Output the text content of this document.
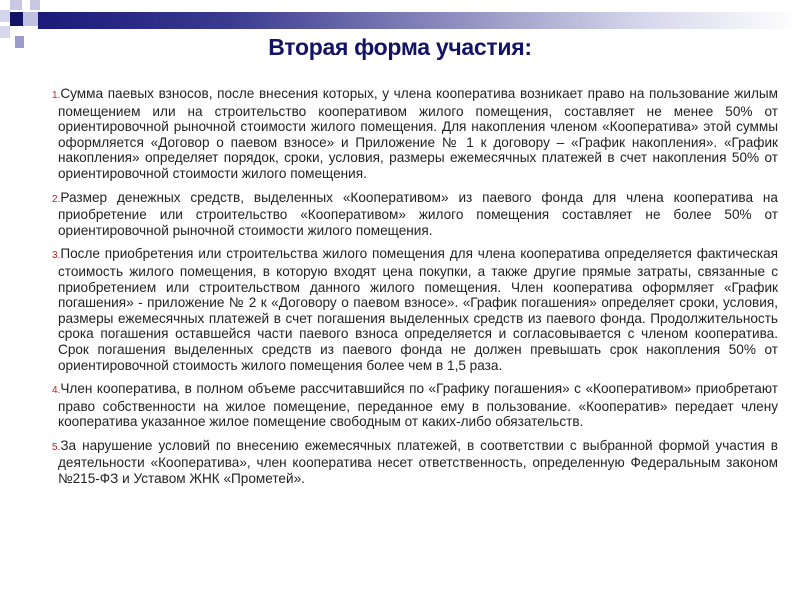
Вторая форма участия:

1.Сумма паевых взносов, после внесения которых, у члена кооператива возникает право на пользование жилым помещением или на строительство кооперативом жилого помещения, составляет не менее 50% от ориентировочной рыночной стоимости жилого помещения. Для накопления членом «Кооператива» этой суммы оформляется «Договор о паевом взносе» и Приложение № 1 к договору – «График накопления». «График накопления» определяет порядок, сроки, условия, размеры ежемесячных платежей в счет накопления 50% от ориентировочной стоимости жилого помещения.

2.Размер денежных средств, выделенных «Кооперативом» из паевого фонда для члена кооператива на приобретение или строительство «Кооперативом» жилого помещения составляет не более 50% от ориентировочной рыночной стоимости жилого помещения.

3.После приобретения или строительства жилого помещения для члена кооператива определяется фактическая стоимость жилого помещения, в которую входят цена покупки, а также другие прямые затраты, связанные с приобретением или строительством данного жилого помещения. Член кооператива оформляет «График погашения» - приложение № 2 к «Договору о паевом взносе». «График погашения» определяет сроки, условия, размеры ежемесячных платежей в счет погашения выделенных средств из паевого фонда. Продолжительность срока погашения оставшейся части паевого взноса определяется и согласовывается с членом кооператива. Срок погашения выделенных средств из паевого фонда не должен превышать срок накопления 50% от ориентировочной стоимость жилого помещения более чем в 1,5 раза.

4.Член кооператива, в полном объеме рассчитавшийся по «Графику погашения» с «Кооперативом» приобретают право собственности на жилое помещение, переданное ему в пользование. «Кооператив» передает члену кооператива указанное жилое помещение свободным от каких-либо обязательств.

5.За нарушение условий по внесению ежемесячных платежей, в соответствии с выбранной формой участия в деятельности «Кооператива», член кооператива несет ответственность, определенную Федеральным законом №215-ФЗ и Уставом ЖНК «Прометей».
